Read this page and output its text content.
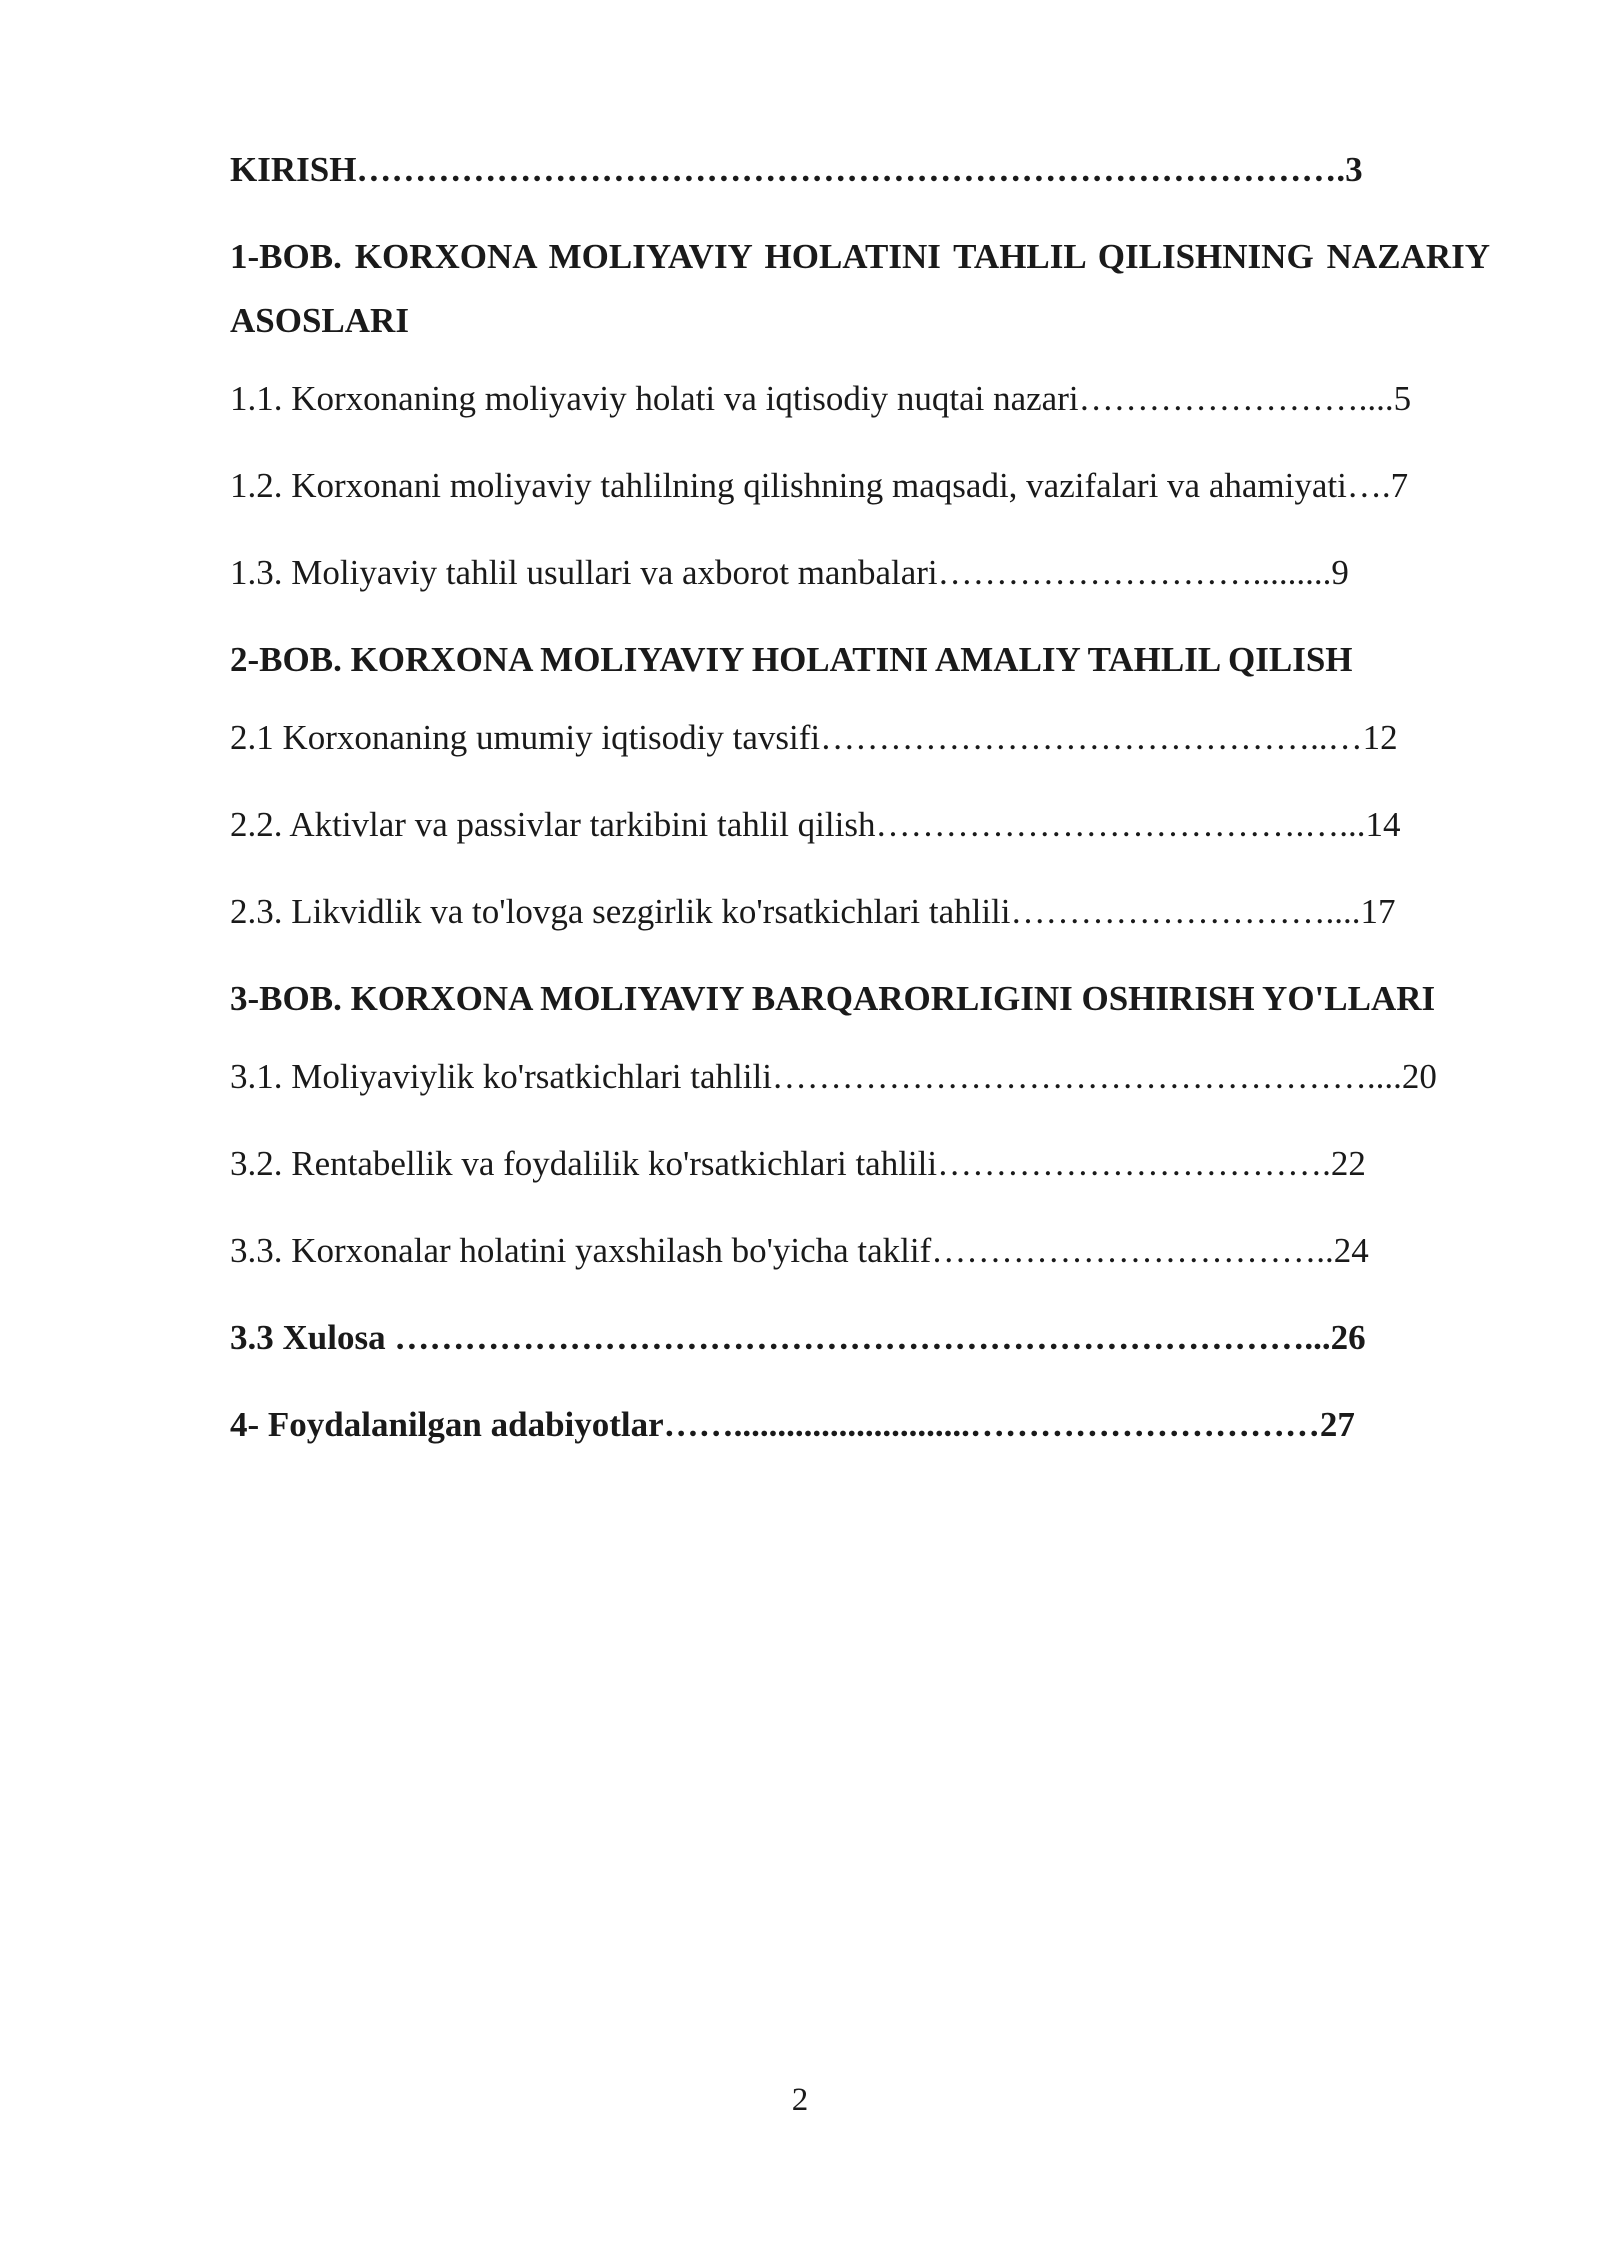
KIRISH………………………………………………………………………….3
1-BOB. KORXONA MOLIYAVIY HOLATINI TAHLIL QILISHNING NAZARIY ASOSLARI
1.1. Korxonaning moliyaviy holati va iqtisodiy nuqtai nazari……………………....5
1.2. Korxonani moliyaviy tahlilning qilishning maqsadi, vazifalari va ahamiyati….7
1.3. Moliyaviy tahlil usullari va axborot manbalari……………………….........9
2-BOB. KORXONA MOLIYAVIY HOLATINI AMALIY TAHLIL QILISH
2.1 Korxonaning umumiy iqtisodiy tavsifi……………………………………..…12
2.2. Aktivlar va passivlar tarkibini tahlil qilish……………………………….…...14
2.3. Likvidlik va to'lovga sezgirlik ko'rsatkichlari tahlili………………………....17
3-BOB. KORXONA MOLIYAVIY BARQARORLIGINI OSHIRISH YO'LLARI
3.1. Moliyaviylik ko'rsatkichlari tahlili……………………………………………....20
3.2. Rentabellik va foydalilik ko'rsatkichlari tahlili…………………………….22
3.3. Korxonalar holatini yaxshilash bo'yicha taklif……………………………..24
3.3 Xulosa ……………………………………………………………………...26
4- Foydalanilgan adabiyotlar……...........................…………………………27
2
